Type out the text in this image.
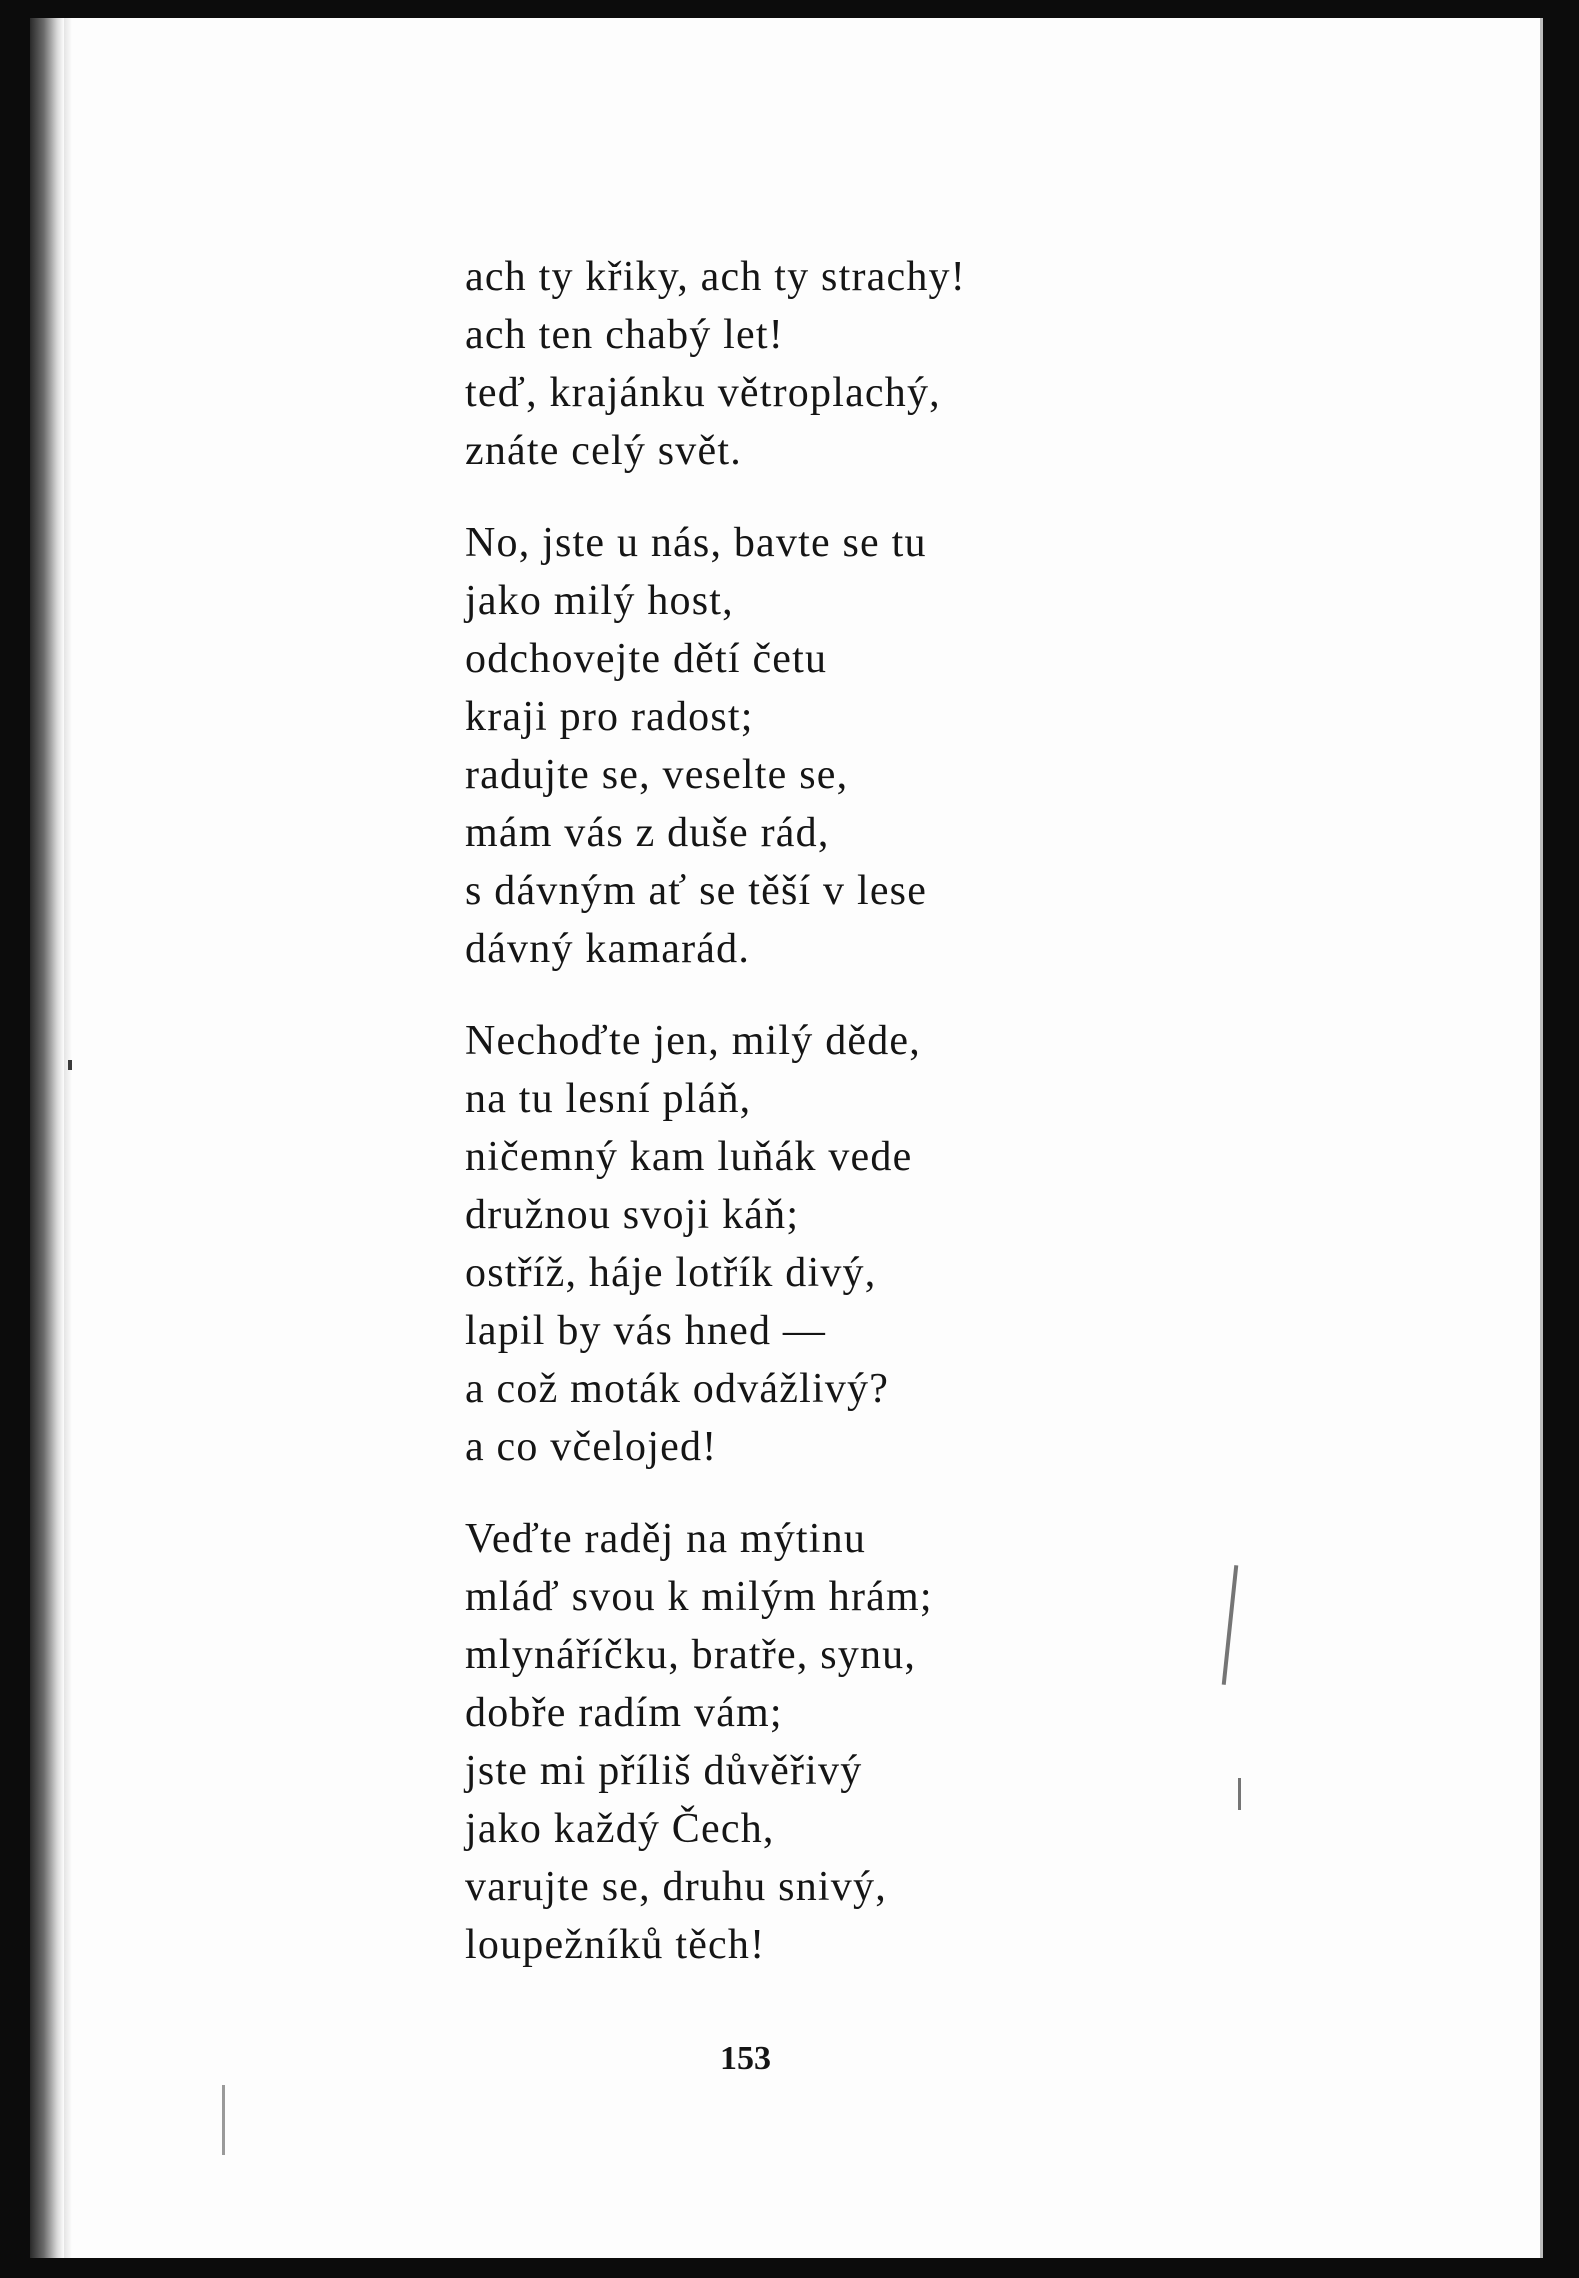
ach ty křiky, ach ty strachy!
ach ten chabý let!
teď, krajánku větroplachý,
znáte celý svět.
No, jste u nás, bavte se tu
jako milý host,
odchovejte dětí četu
kraji pro radost;
radujte se, veselte se,
mám vás z duše rád,
s dávným ať se těší v lese
dávný kamarád.
Nechoďte jen, milý děde,
na tu lesní pláň,
ničemný kam luňák vede
družnou svoji káň;
ostříž, háje lotřík divý,
lapil by vás hned —
a což moták odvážlivý?
a co včelojed!
Veďte raděj na mýtinu
mláď svou k milým hrám;
mlynáříčku, bratře, synu,
dobře radím vám;
jste mi příliš důvěřivý
jako každý Čech,
varujte se, druhu snivý,
loupežníků těch!
153
